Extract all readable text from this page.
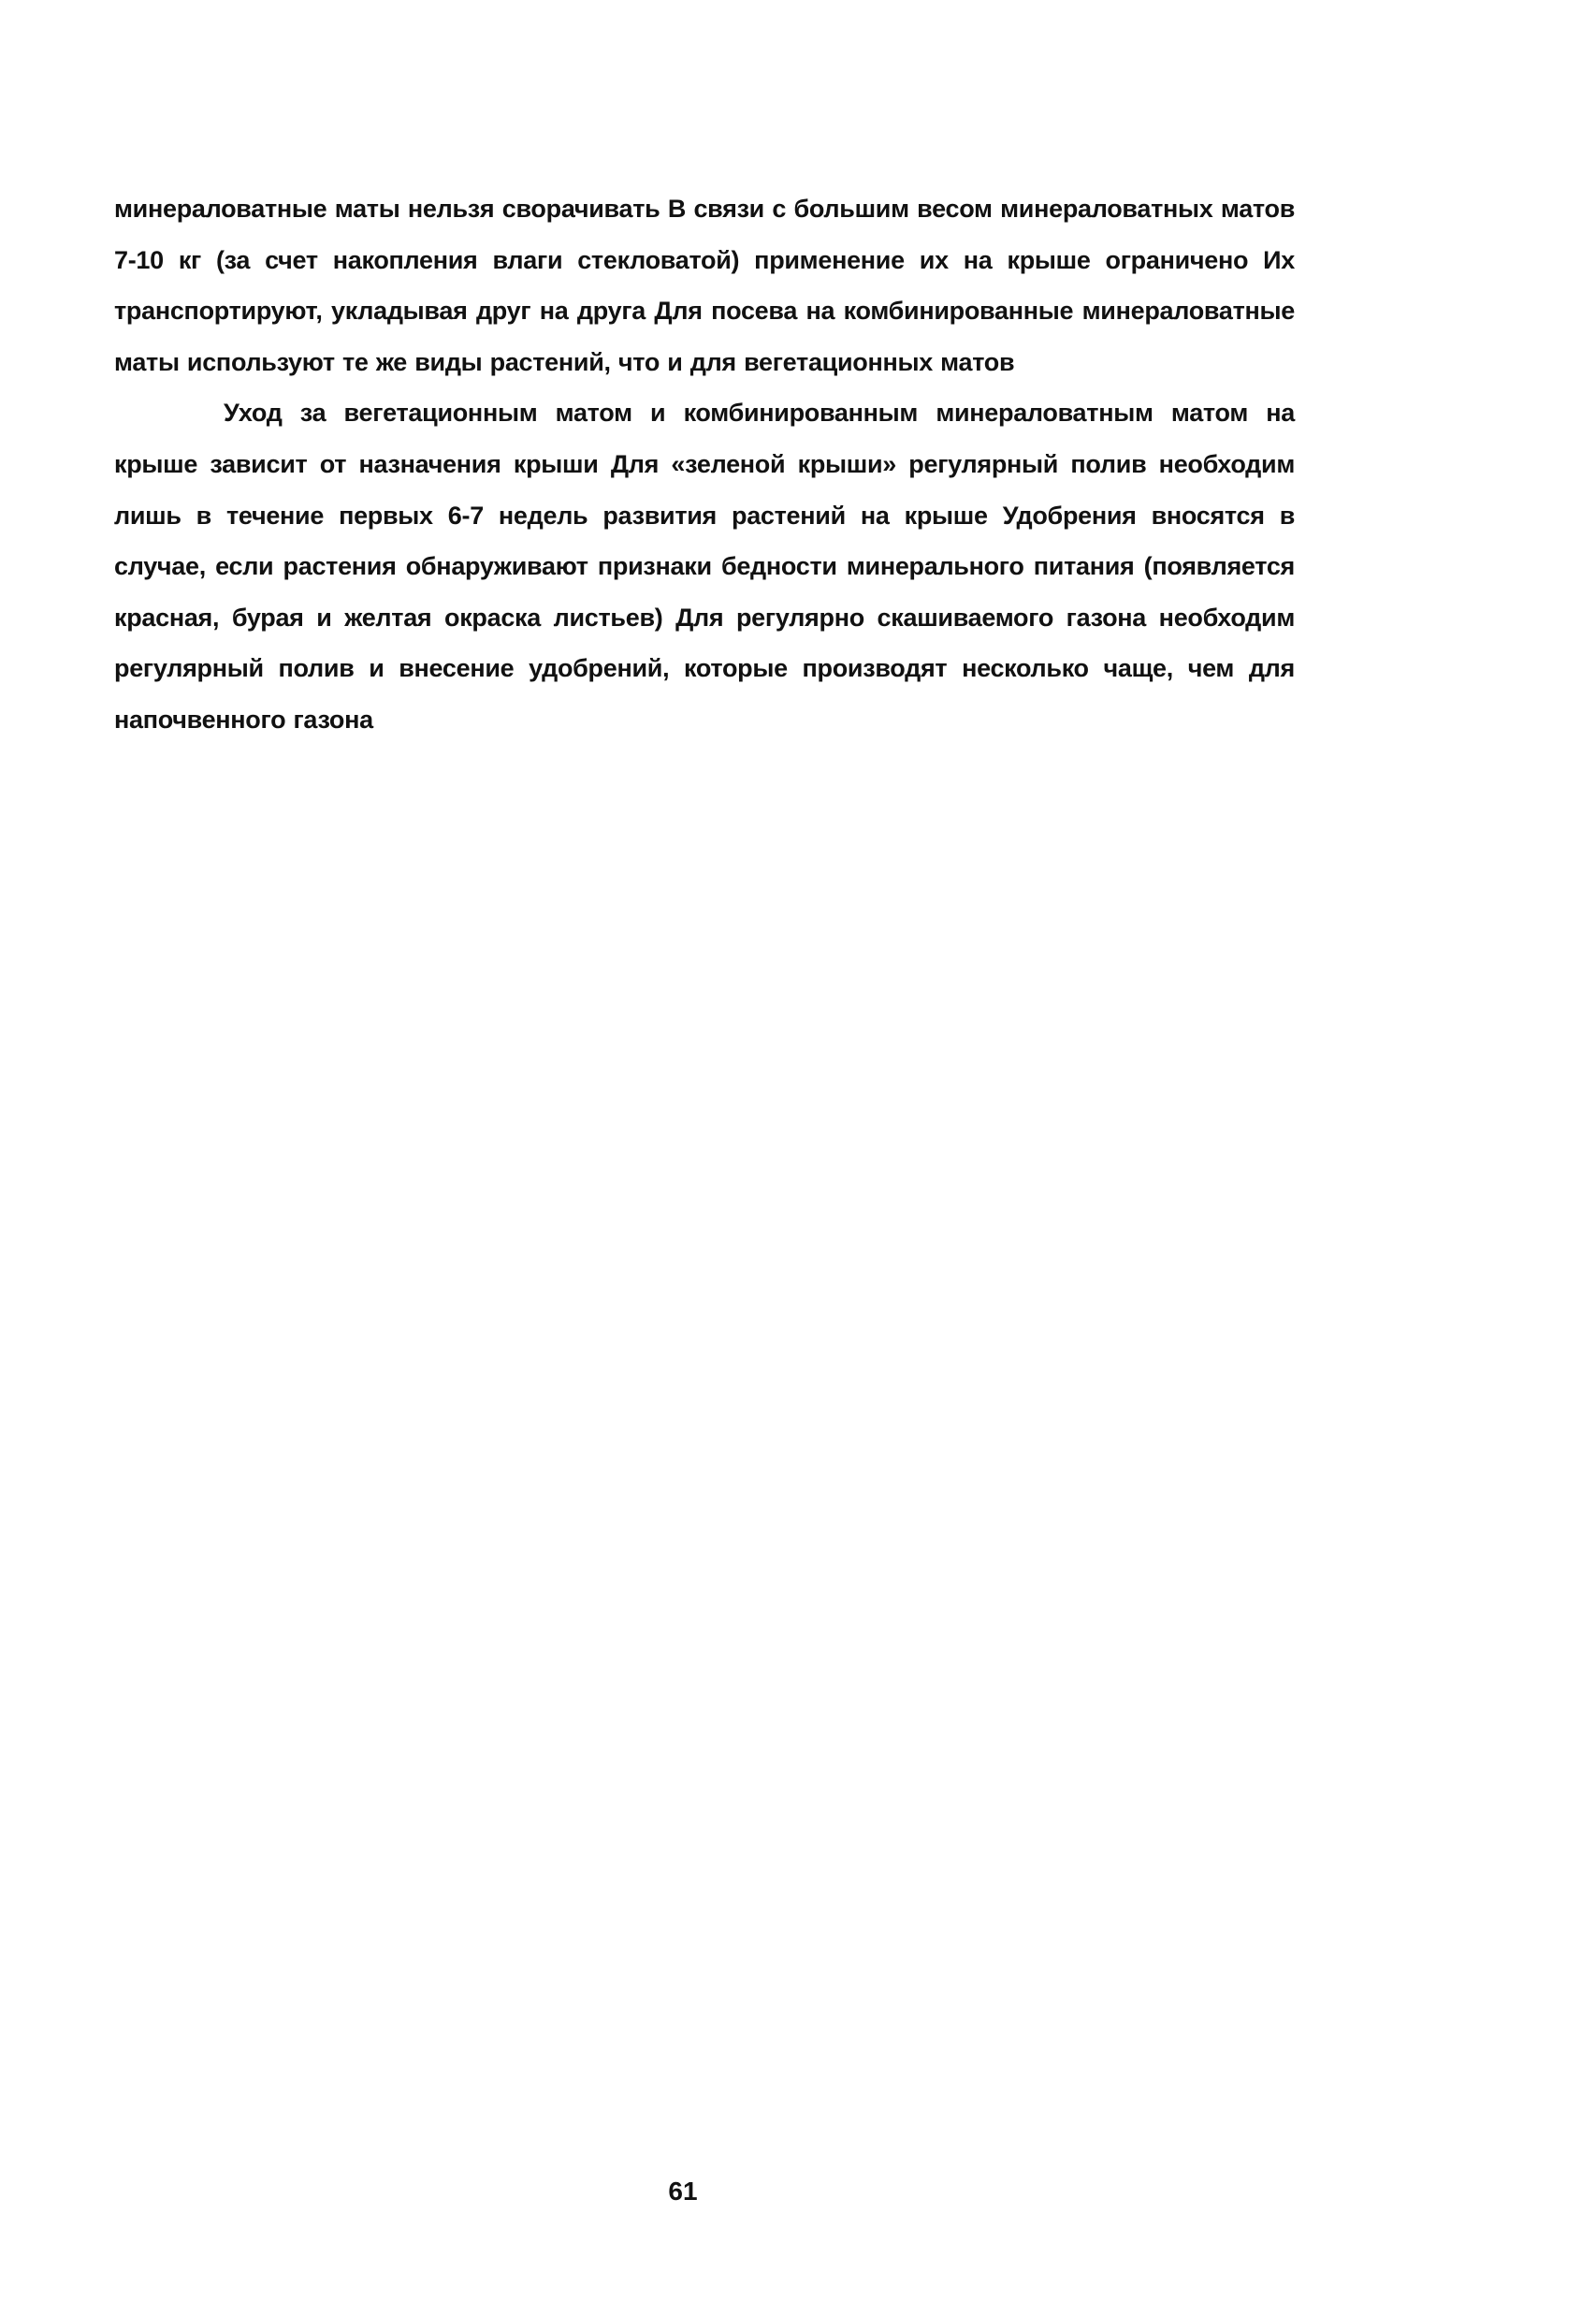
минераловатные маты нельзя сворачивать В связи с большим весом минераловатных матов 7-10 кг (за счет накопления влаги стекловатой) применение их на крыше ограничено Их транспортируют, укладывая друг на друга Для посева на комбинированные минераловатные маты используют те же виды растений, что и для вегетационных матов

Уход за вегетационным матом и комбинированным минераловатным матом на крыше зависит от назначения крыши Для «зеленой крыши» регулярный полив необходим лишь в течение первых 6-7 недель развития растений на крыше Удобрения вносятся в случае, если растения обнаруживают признаки бедности минерального питания (появляется красная, бурая и желтая окраска листьев) Для регулярно скашиваемого газона необходим регулярный полив и внесение удобрений, которые производят несколько чаще, чем для напочвенного газона

61
